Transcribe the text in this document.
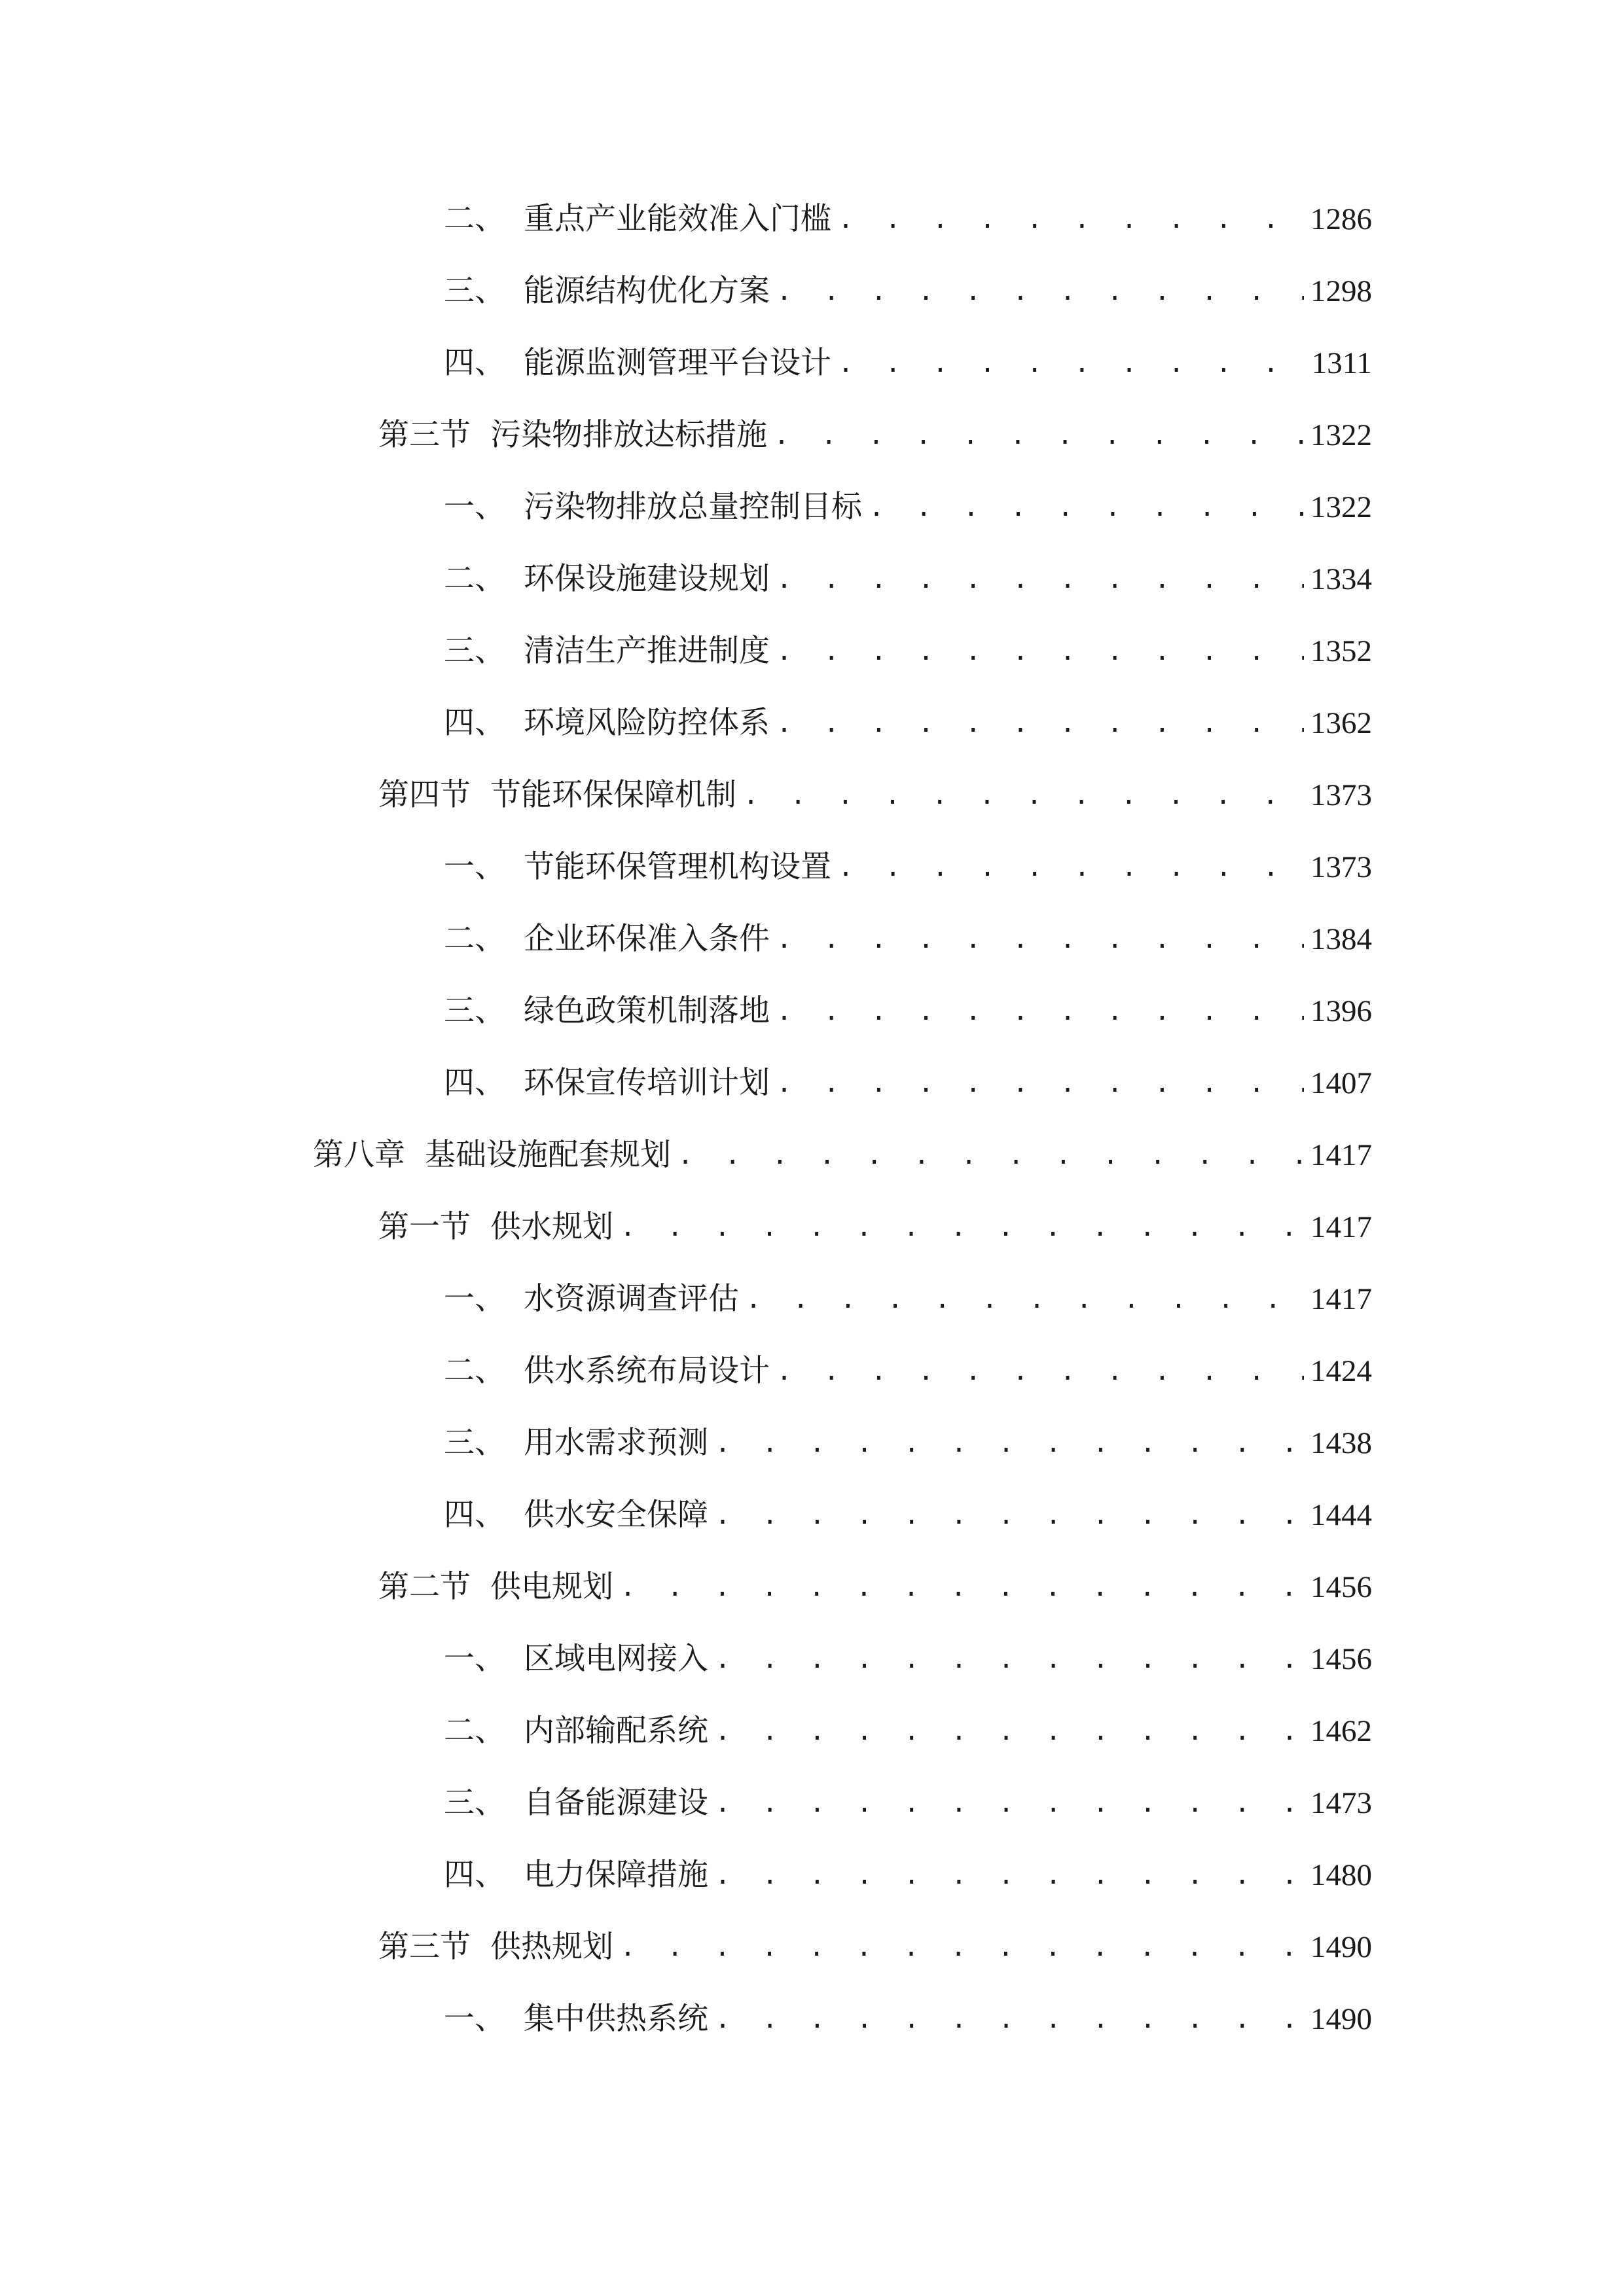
二、 重点产业能效准入门槛 . . .	1286
三、 能源结构优化方案 . . .	1298
四、 能源监测管理平台设计 . . .	1311
第三节 污染物排放达标措施 . . .	1322
一、 污染物排放总量控制目标 . . .	1322
二、 环保设施建设规划 . . .	1334
三、 清洁生产推进制度 . . .	1352
四、 环境风险防控体系 . . .	1362
第四节 节能环保保障机制 . . .	1373
一、 节能环保管理机构设置 . . .	1373
二、 企业环保准入条件 . . .	1384
三、 绿色政策机制落地 . . .	1396
四、 环保宣传培训计划 . . .	1407
第八章 基础设施配套规划 . . .	1417
第一节 供水规划 . . .	1417
一、 水资源调查评估 . . .	1417
二、 供水系统布局设计 . . .	1424
三、 用水需求预测 . . .	1438
四、 供水安全保障 . . .	1444
第二节 供电规划 . . .	1456
一、 区域电网接入 . . .	1456
二、 内部输配系统 . . .	1462
三、 自备能源建设 . . .	1473
四、 电力保障措施 . . .	1480
第三节 供热规划 . . .	1490
一、 集中供热系统 . . .	1490
